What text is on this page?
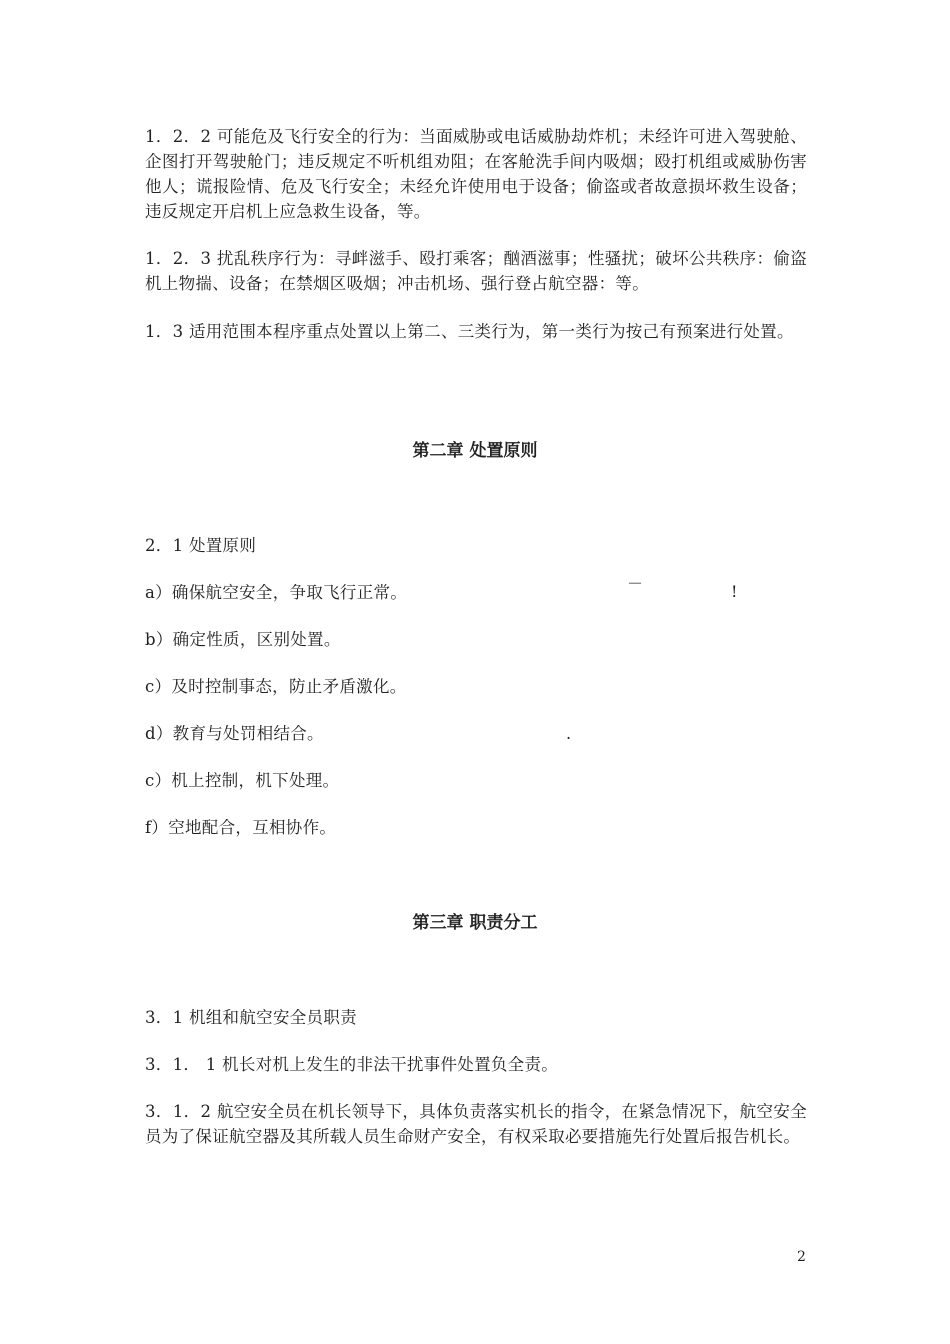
1．2．2 可能危及飞行安全的行为：当面威胁或电话威胁劫炸机；未经许可进入驾驶舱、企图打开驾驶舱门；违反规定不听机组劝阻；在客舱洗手间内吸烟；殴打机组或威胁伤害他人；谎报险情、危及飞行安全；未经允许使用电于设备；偷盗或者故意损坏救生设备；违反规定开启机上应急救生设备，等。

1．2．3 扰乱秩序行为：寻衅滋手、殴打乘客；酗酒滋事；性骚扰；破坏公共秩序：偷盗机上物揣、设备；在禁烟区吸烟；冲击机场、强行登占航空器：等。

1．3 适用范围本程序重点处置以上第二、三类行为，第一类行为按己有预案进行处置。

第二章 处置原则

2．1 处置原则

a）确保航空安全，争取飞行正常。	－	!

b）确定性质，区别处置。

c）及时控制事态，防止矛盾激化。

d）教育与处罚相结合。	.

c）机上控制，机下处理。

f）空地配合，互相协作。

第三章 职责分工

3．1 机组和航空安全员职责

3．1． 1 机长对机上发生的非法干扰事件处置负全责。

3．1．2 航空安全员在机长领导下，具体负责落实机长的指令，在紧急情况下，航空安全员为了保证航空器及其所载人员生命财产安全，有权采取必要措施先行处置后报告机长。

2
